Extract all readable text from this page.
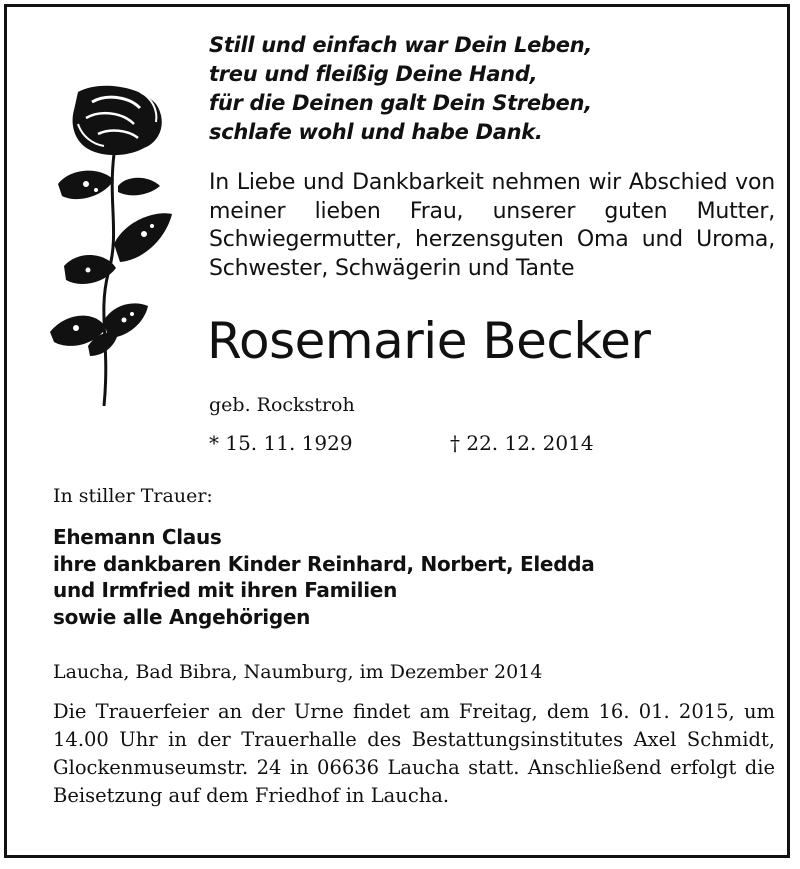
Still und einfach war Dein Leben,
treu und fleißig Deine Hand,
für die Deinen galt Dein Streben,
schlafe wohl und habe Dank.

In Liebe und Dankbarkeit nehmen wir Abschied von meiner lieben Frau, unserer guten Mutter, Schwiegermutter, herzensguten Oma und Uroma, Schwester, Schwägerin und Tante

Rosemarie Becker

geb. Rockstroh

* 15. 11. 1929	† 22. 12. 2014

In stiller Trauer:

Ehemann Claus
ihre dankbaren Kinder Reinhard, Norbert, Eledda
und Irmfried mit ihren Familien
sowie alle Angehörigen

Laucha, Bad Bibra, Naumburg, im Dezember 2014

Die Trauerfeier an der Urne findet am Freitag, dem 16. 01. 2015, um 14.00 Uhr in der Trauerhalle des Bestattungsinstitutes Axel Schmidt, Glockenmuseumstr. 24 in 06636 Laucha statt. Anschließend erfolgt die Beisetzung auf dem Friedhof in Laucha.
